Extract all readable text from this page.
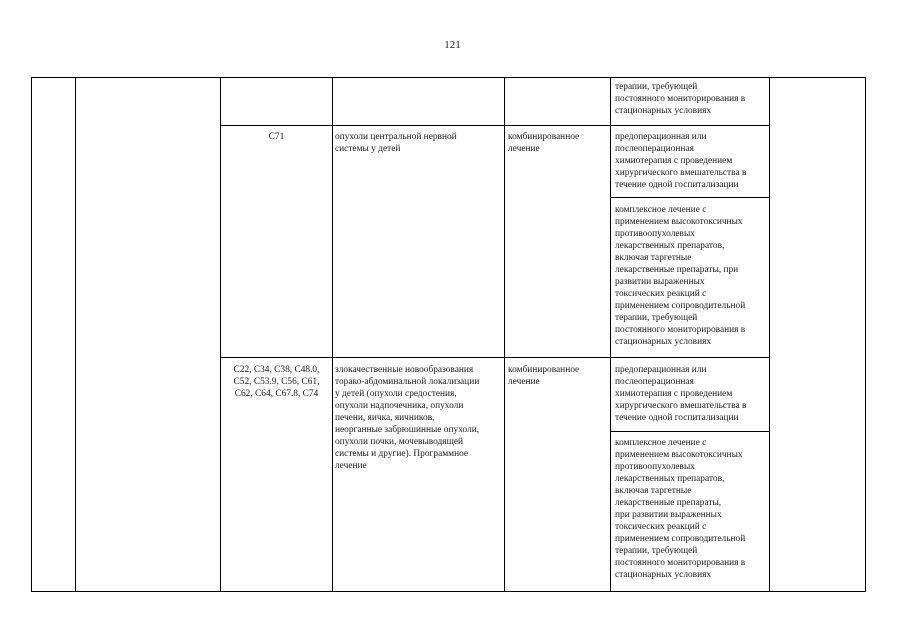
121
терапии, требующей
постоянного мониторирования в
стационарных условиях
С71	опухоли центральной нервной
системы у детей
комбинированное
лечение
предоперационная или
послеоперационная
химиотерапия с проведением
хирургического вмешательства в
течение одной госпитализации
комплексное лечение с
применением высокотоксичных
противоопухолевых
лекарственных препаратов,
включая таргетные
лекарственные препараты, при
развитии выраженных
токсических реакций с
применением сопроводительной
терапии, требующей
постоянного мониторирования в
стационарных условиях
С22, С34, С38, С48.0,
С52, С53.9, С56, С61,
С62, С64, С67.8, С74
злокачественные новообразования
торако-абдоминальной локализации
у детей (опухоли средостения,
опухоли надпочечника, опухоли
печени, яичка, яичников,
неорганные забрюшинные опухоли,
опухоли почки, мочевыводящей
системы и другие). Программное
лечение
комбинированное
лечение
предоперационная или
послеоперационная
химиотерапия с проведением
хирургического вмешательства в
течение одной госпитализации
комплексное лечение с
применением высокотоксичных
противоопухолевых
лекарственных препаратов,
включая таргетные
лекарственные препараты,
при развитии выраженных
токсических реакций с
применением сопроводительной
терапии, требующей
постоянного мониторирования в
стационарных условиях
